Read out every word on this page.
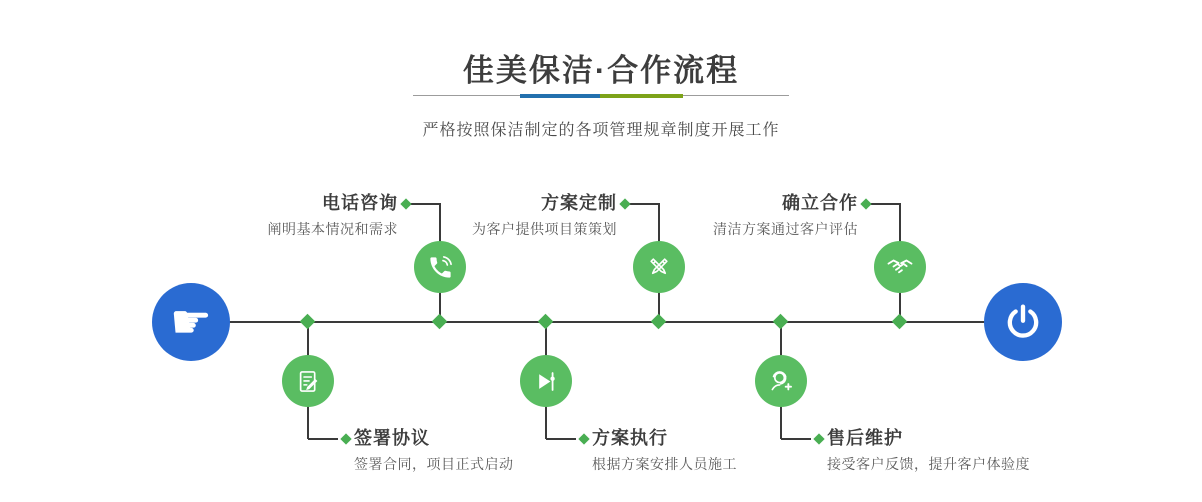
佳美保洁·合作流程

严格按照保洁制定的各项管理规章制度开展工作

电话咨询
阐明基本情况和需求
签署协议
签署合同，项目正式启动
方案定制
为客户提供项目策策划
方案执行
根据方案安排人员施工
确立合作
清洁方案通过客户评估
售后维护
接受客户反馈，提升客户体验度
☛
